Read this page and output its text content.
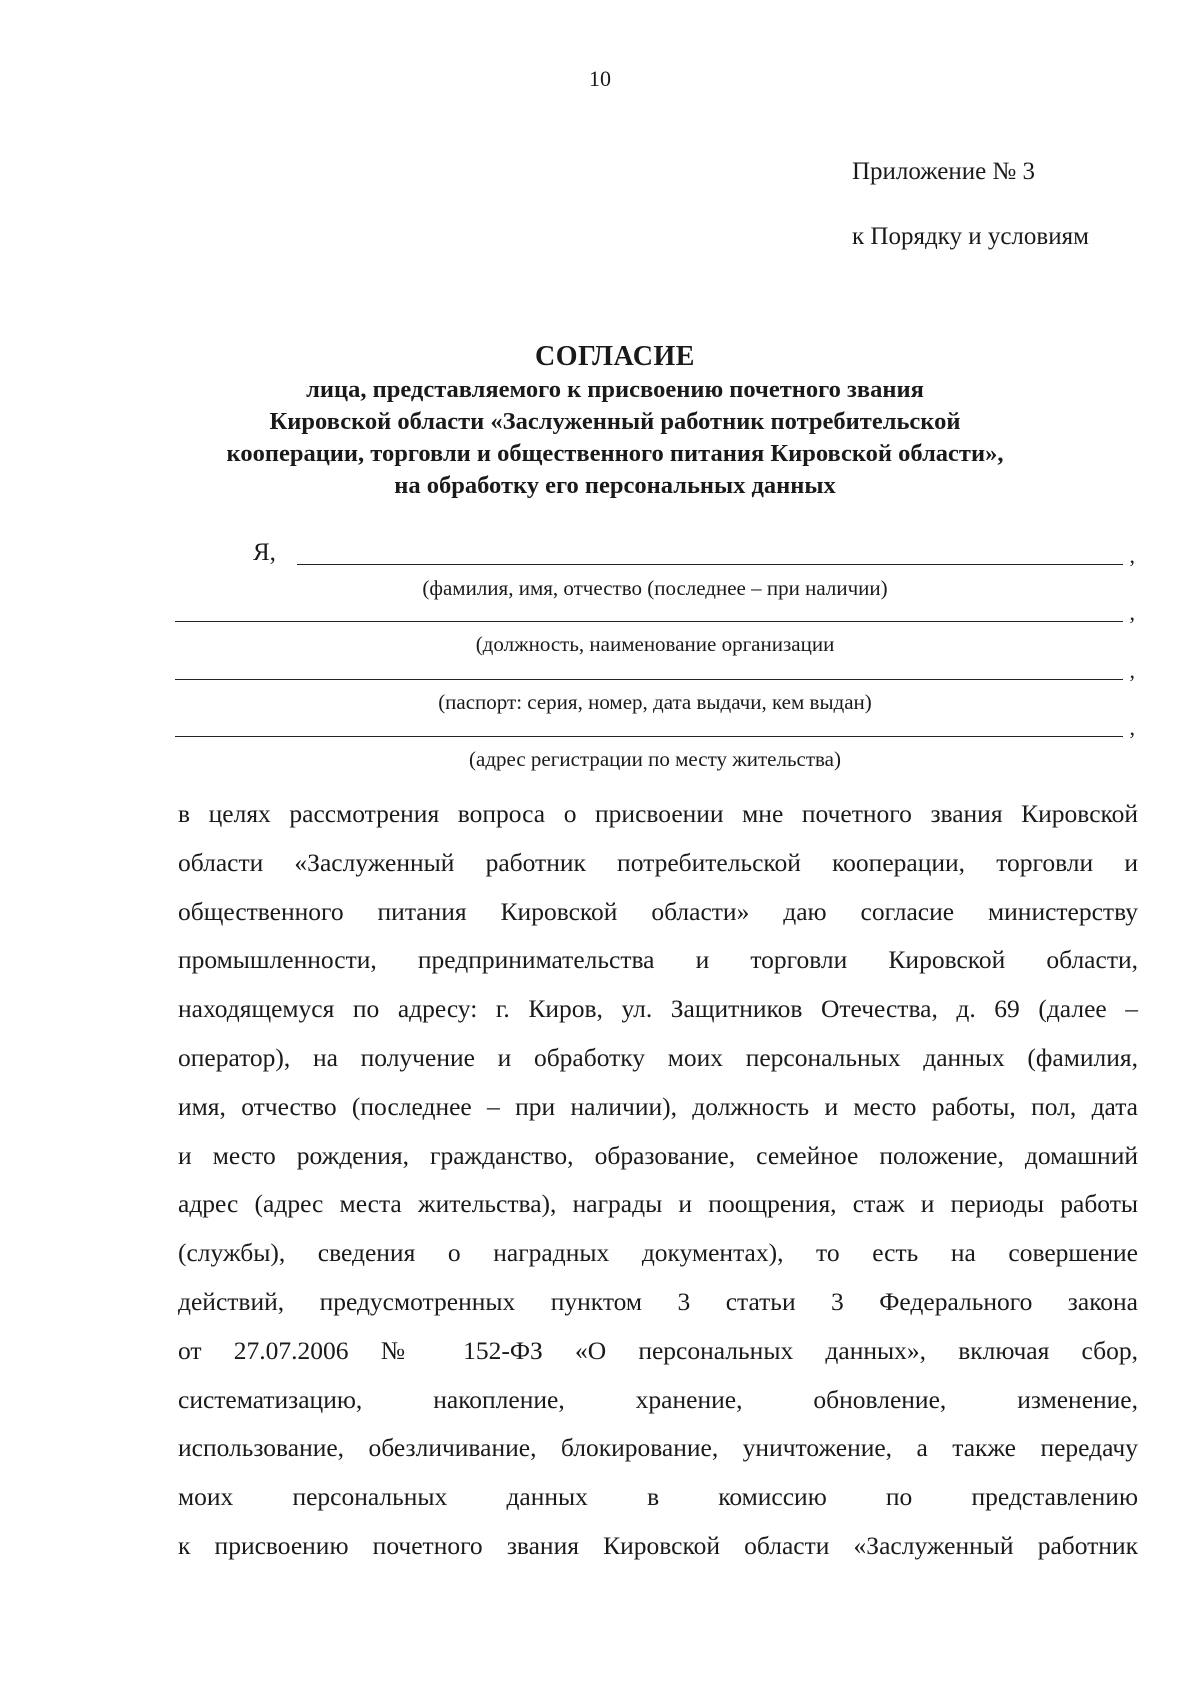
10
Приложение № 3
к Порядку и условиям
СОГЛАСИЕ
лица, представляемого к присвоению почетного звания
Кировской области «Заслуженный работник потребительской
кооперации, торговли и общественного питания Кировской области»,
на обработку его персональных данных
Я,	,
(фамилия, имя, отчество (последнее – при наличии)
,
(должность, наименование организации
,
(паспорт: серия, номер, дата выдачи, кем выдан)
,
(адрес регистрации по месту жительства)
в целях рассмотрения вопроса о присвоении мне почетного звания Кировской
области «Заслуженный работник потребительской кооперации, торговли и
общественного питания Кировской области» даю согласие министерству
промышленности, предпринимательства и торговли Кировской области,
находящемуся по адресу: г. Киров, ул. Защитников Отечества, д. 69 (далее –
оператор), на получение и обработку моих персональных данных (фамилия,
имя, отчество (последнее – при наличии), должность и место работы, пол, дата
и место рождения, гражданство, образование, семейное положение, домашний
адрес (адрес места жительства), награды и поощрения, стаж и периоды работы
(службы), сведения о наградных документах), то есть на совершение
действий, предусмотренных пунктом 3 статьи 3 Федерального закона
от 27.07.2006 № 152-ФЗ «О персональных данных», включая сбор,
систематизацию, накопление, хранение, обновление, изменение,
использование, обезличивание, блокирование, уничтожение, а также передачу
моих персональных данных в комиссию по представлению
к присвоению почетного звания Кировской области «Заслуженный работник
